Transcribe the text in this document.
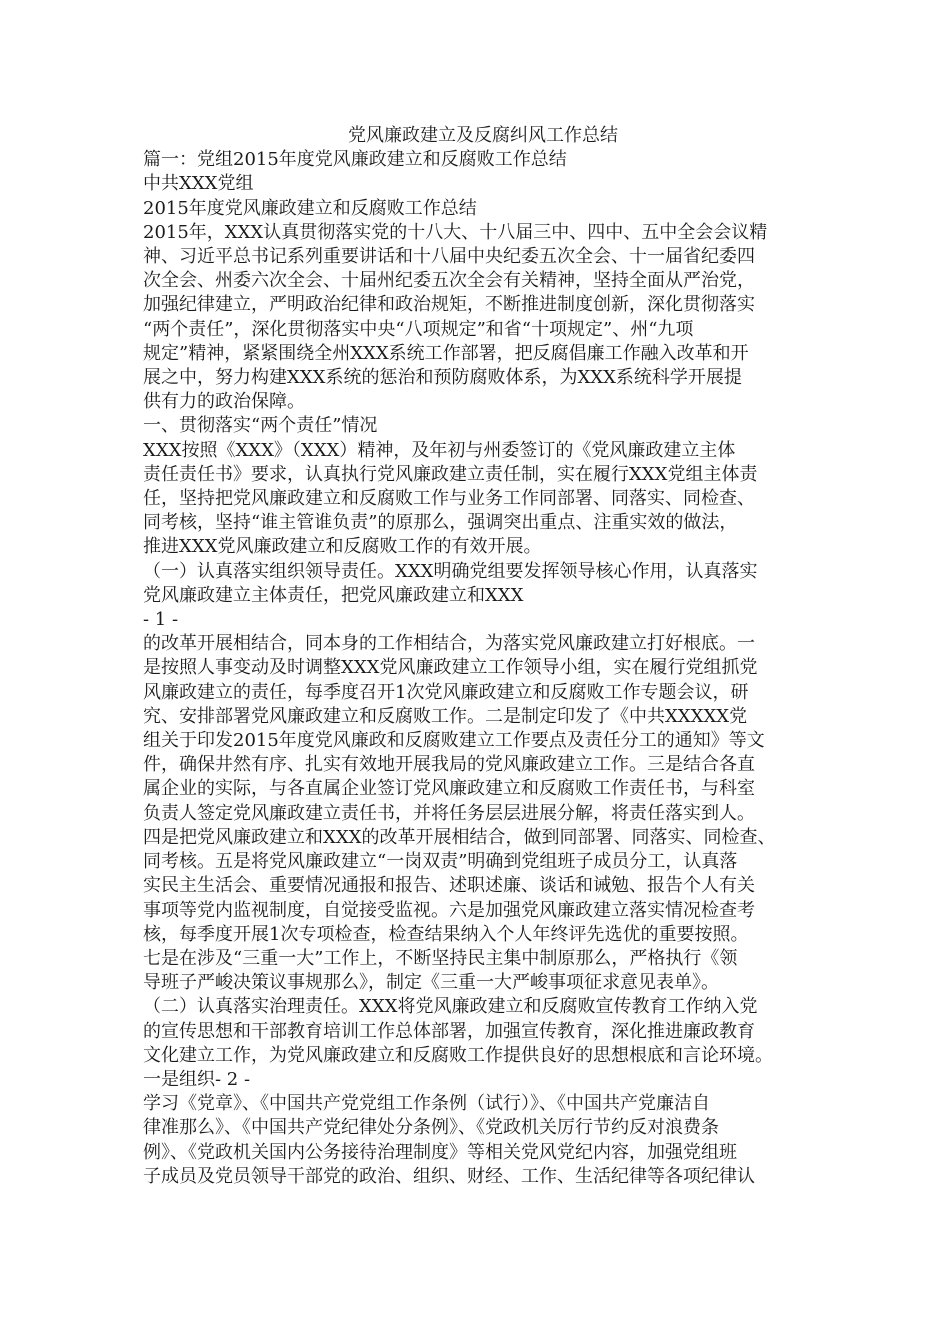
党风廉政建立及反腐纠风工作总结

篇一：党组2015年度党风廉政建立和反腐败工作总结

中共XXX党组

2015年度党风廉政建立和反腐败工作总结

2015年，XXX认真贯彻落实党的十八大、十八届三中、四中、五中全会会议精

神、习近平总书记系列重要讲话和十八届中央纪委五次全会、十一届省纪委四

次全会、州委六次全会、十届州纪委五次全会有关精神，坚持全面从严治党，

加强纪律建立，严明政治纪律和政治规矩，不断推进制度创新，深化贯彻落实

“两个责任”，深化贯彻落实中央“八项规定”和省“十项规定”、州“九项

规定”精神，紧紧围绕全州XXX系统工作部署，把反腐倡廉工作融入改革和开

展之中，努力构建XXX系统的惩治和预防腐败体系，为XXX系统科学开展提

供有力的政治保障。

一、贯彻落实“两个责任”情况

XXX按照《XXX》（XXX）精神，及年初与州委签订的《党风廉政建立主体

责任责任书》要求，认真执行党风廉政建立责任制，实在履行XXX党组主体责

任，坚持把党风廉政建立和反腐败工作与业务工作同部署、同落实、同检查、

同考核，坚持“谁主管谁负责”的原那么，强调突出重点、注重实效的做法，

推进XXX党风廉政建立和反腐败工作的有效开展。

（一）认真落实组织领导责任。XXX明确党组要发挥领导核心作用，认真落实

党风廉政建立主体责任，把党风廉政建立和XXX

- 1 -

的改革开展相结合，同本身的工作相结合，为落实党风廉政建立打好根底。一

是按照人事变动及时调整XXX党风廉政建立工作领导小组，实在履行党组抓党

风廉政建立的责任，每季度召开1次党风廉政建立和反腐败工作专题会议，研

究、安排部署党风廉政建立和反腐败工作。二是制定印发了《中共XXXXX党

组关于印发2015年度党风廉政和反腐败建立工作要点及责任分工的通知》等文

件，确保井然有序、扎实有效地开展我局的党风廉政建立工作。三是结合各直

属企业的实际，与各直属企业签订党风廉政建立和反腐败工作责任书，与科室

负责人签定党风廉政建立责任书，并将任务层层进展分解，将责任落实到人。

四是把党风廉政建立和XXX的改革开展相结合，做到同部署、同落实、同检查、

同考核。五是将党风廉政建立“一岗双责”明确到党组班子成员分工，认真落

实民主生活会、重要情况通报和报告、述职述廉、谈话和诫勉、报告个人有关

事项等党内监视制度，自觉接受监视。六是加强党风廉政建立落实情况检查考

核，每季度开展1次专项检查，检查结果纳入个人年终评先选优的重要按照。

七是在涉及“三重一大”工作上，不断坚持民主集中制原那么，严格执行《领

导班子严峻决策议事规那么》，制定《三重一大严峻事项征求意见表单》。

（二）认真落实治理责任。XXX将党风廉政建立和反腐败宣传教育工作纳入党

的宣传思想和干部教育培训工作总体部署，加强宣传教育，深化推进廉政教育

文化建立工作，为党风廉政建立和反腐败工作提供良好的思想根底和言论环境。

一是组织- 2 -

学习《党章》、《中国共产党党组工作条例（试行）》、《中国共产党廉洁自

律准那么》、《中国共产党纪律处分条例》、《党政机关厉行节约反对浪费条

例》、《党政机关国内公务接待治理制度》等相关党风党纪内容，加强党组班

子成员及党员领导干部党的政治、组织、财经、工作、生活纪律等各项纪律认
